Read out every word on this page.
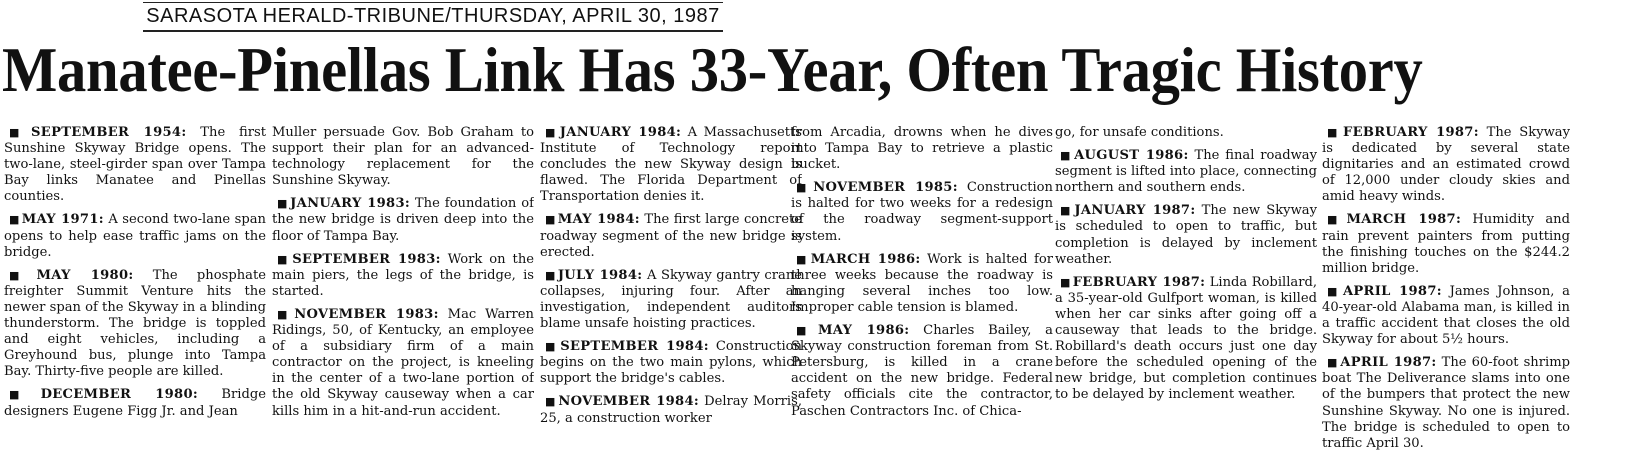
SARASOTA HERALD-TRIBUNE/THURSDAY, APRIL 30, 1987
Manatee-Pinellas Link Has 33-Year, Often Tragic History

■ SEPTEMBER 1954: The first Sunshine Skyway Bridge opens. The two-lane, steel-girder span over Tampa Bay links Manatee and Pinellas counties.

■ MAY 1971: A second two-lane span opens to help ease traffic jams on the bridge.

■ MAY 1980: The phosphate freighter Summit Venture hits the newer span of the Skyway in a blinding thunderstorm. The bridge is toppled and eight vehicles, including a Greyhound bus, plunge into Tampa Bay. Thirty-five people are killed.

■ DECEMBER 1980: Bridge designers Eugene Figg Jr. and Jean

Muller persuade Gov. Bob Graham to support their plan for an advanced-technology replacement for the Sunshine Skyway.

■ JANUARY 1983: The foundation of the new bridge is driven deep into the floor of Tampa Bay.

■ SEPTEMBER 1983: Work on the main piers, the legs of the bridge, is started.

■ NOVEMBER 1983: Mac Warren Ridings, 50, of Kentucky, an employee of a subsidiary firm of a main contractor on the project, is kneeling in the center of a two-lane portion of the old Skyway causeway when a car kills him in a hit-and-run accident.

■ JANUARY 1984: A Massachusetts Institute of Technology report concludes the new Skyway design is flawed. The Florida Department of Transportation denies it.

■ MAY 1984: The first large concrete roadway segment of the new bridge is erected.

■ JULY 1984: A Skyway gantry crane collapses, injuring four. After an investigation, independent auditors blame unsafe hoisting practices.

■ SEPTEMBER 1984: Construction begins on the two main pylons, which support the bridge's cables.

■ NOVEMBER 1984: Delray Morris, 25, a construction worker

from Arcadia, drowns when he dives into Tampa Bay to retrieve a plastic bucket.

■ NOVEMBER 1985: Construction is halted for two weeks for a redesign of the roadway segment-support system.

■ MARCH 1986: Work is halted for three weeks because the roadway is hanging several inches too low. Improper cable tension is blamed.

■ MAY 1986: Charles Bailey, a Skyway construction foreman from St. Petersburg, is killed in a crane accident on the new bridge. Federal safety officials cite the contractor, Paschen Contractors Inc. of Chica-

go, for unsafe conditions.

■ AUGUST 1986: The final roadway segment is lifted into place, connecting northern and southern ends.

■ JANUARY 1987: The new Skyway is scheduled to open to traffic, but completion is delayed by inclement weather.

■ FEBRUARY 1987: Linda Robillard, a 35-year-old Gulfport woman, is killed when her car sinks after going off a causeway that leads to the bridge. Robillard's death occurs just one day before the scheduled opening of the new bridge, but completion continues to be delayed by inclement weather.

■ FEBRUARY 1987: The Skyway is dedicated by several state dignitaries and an estimated crowd of 12,000 under cloudy skies and amid heavy winds.

■ MARCH 1987: Humidity and rain prevent painters from putting the finishing touches on the $244.2 million bridge.

■ APRIL 1987: James Johnson, a 40-year-old Alabama man, is killed in a traffic accident that closes the old Skyway for about 5½ hours.

■ APRIL 1987: The 60-foot shrimp boat The Deliverance slams into one of the bumpers that protect the new Sunshine Skyway. No one is injured. The bridge is scheduled to open to traffic April 30.
